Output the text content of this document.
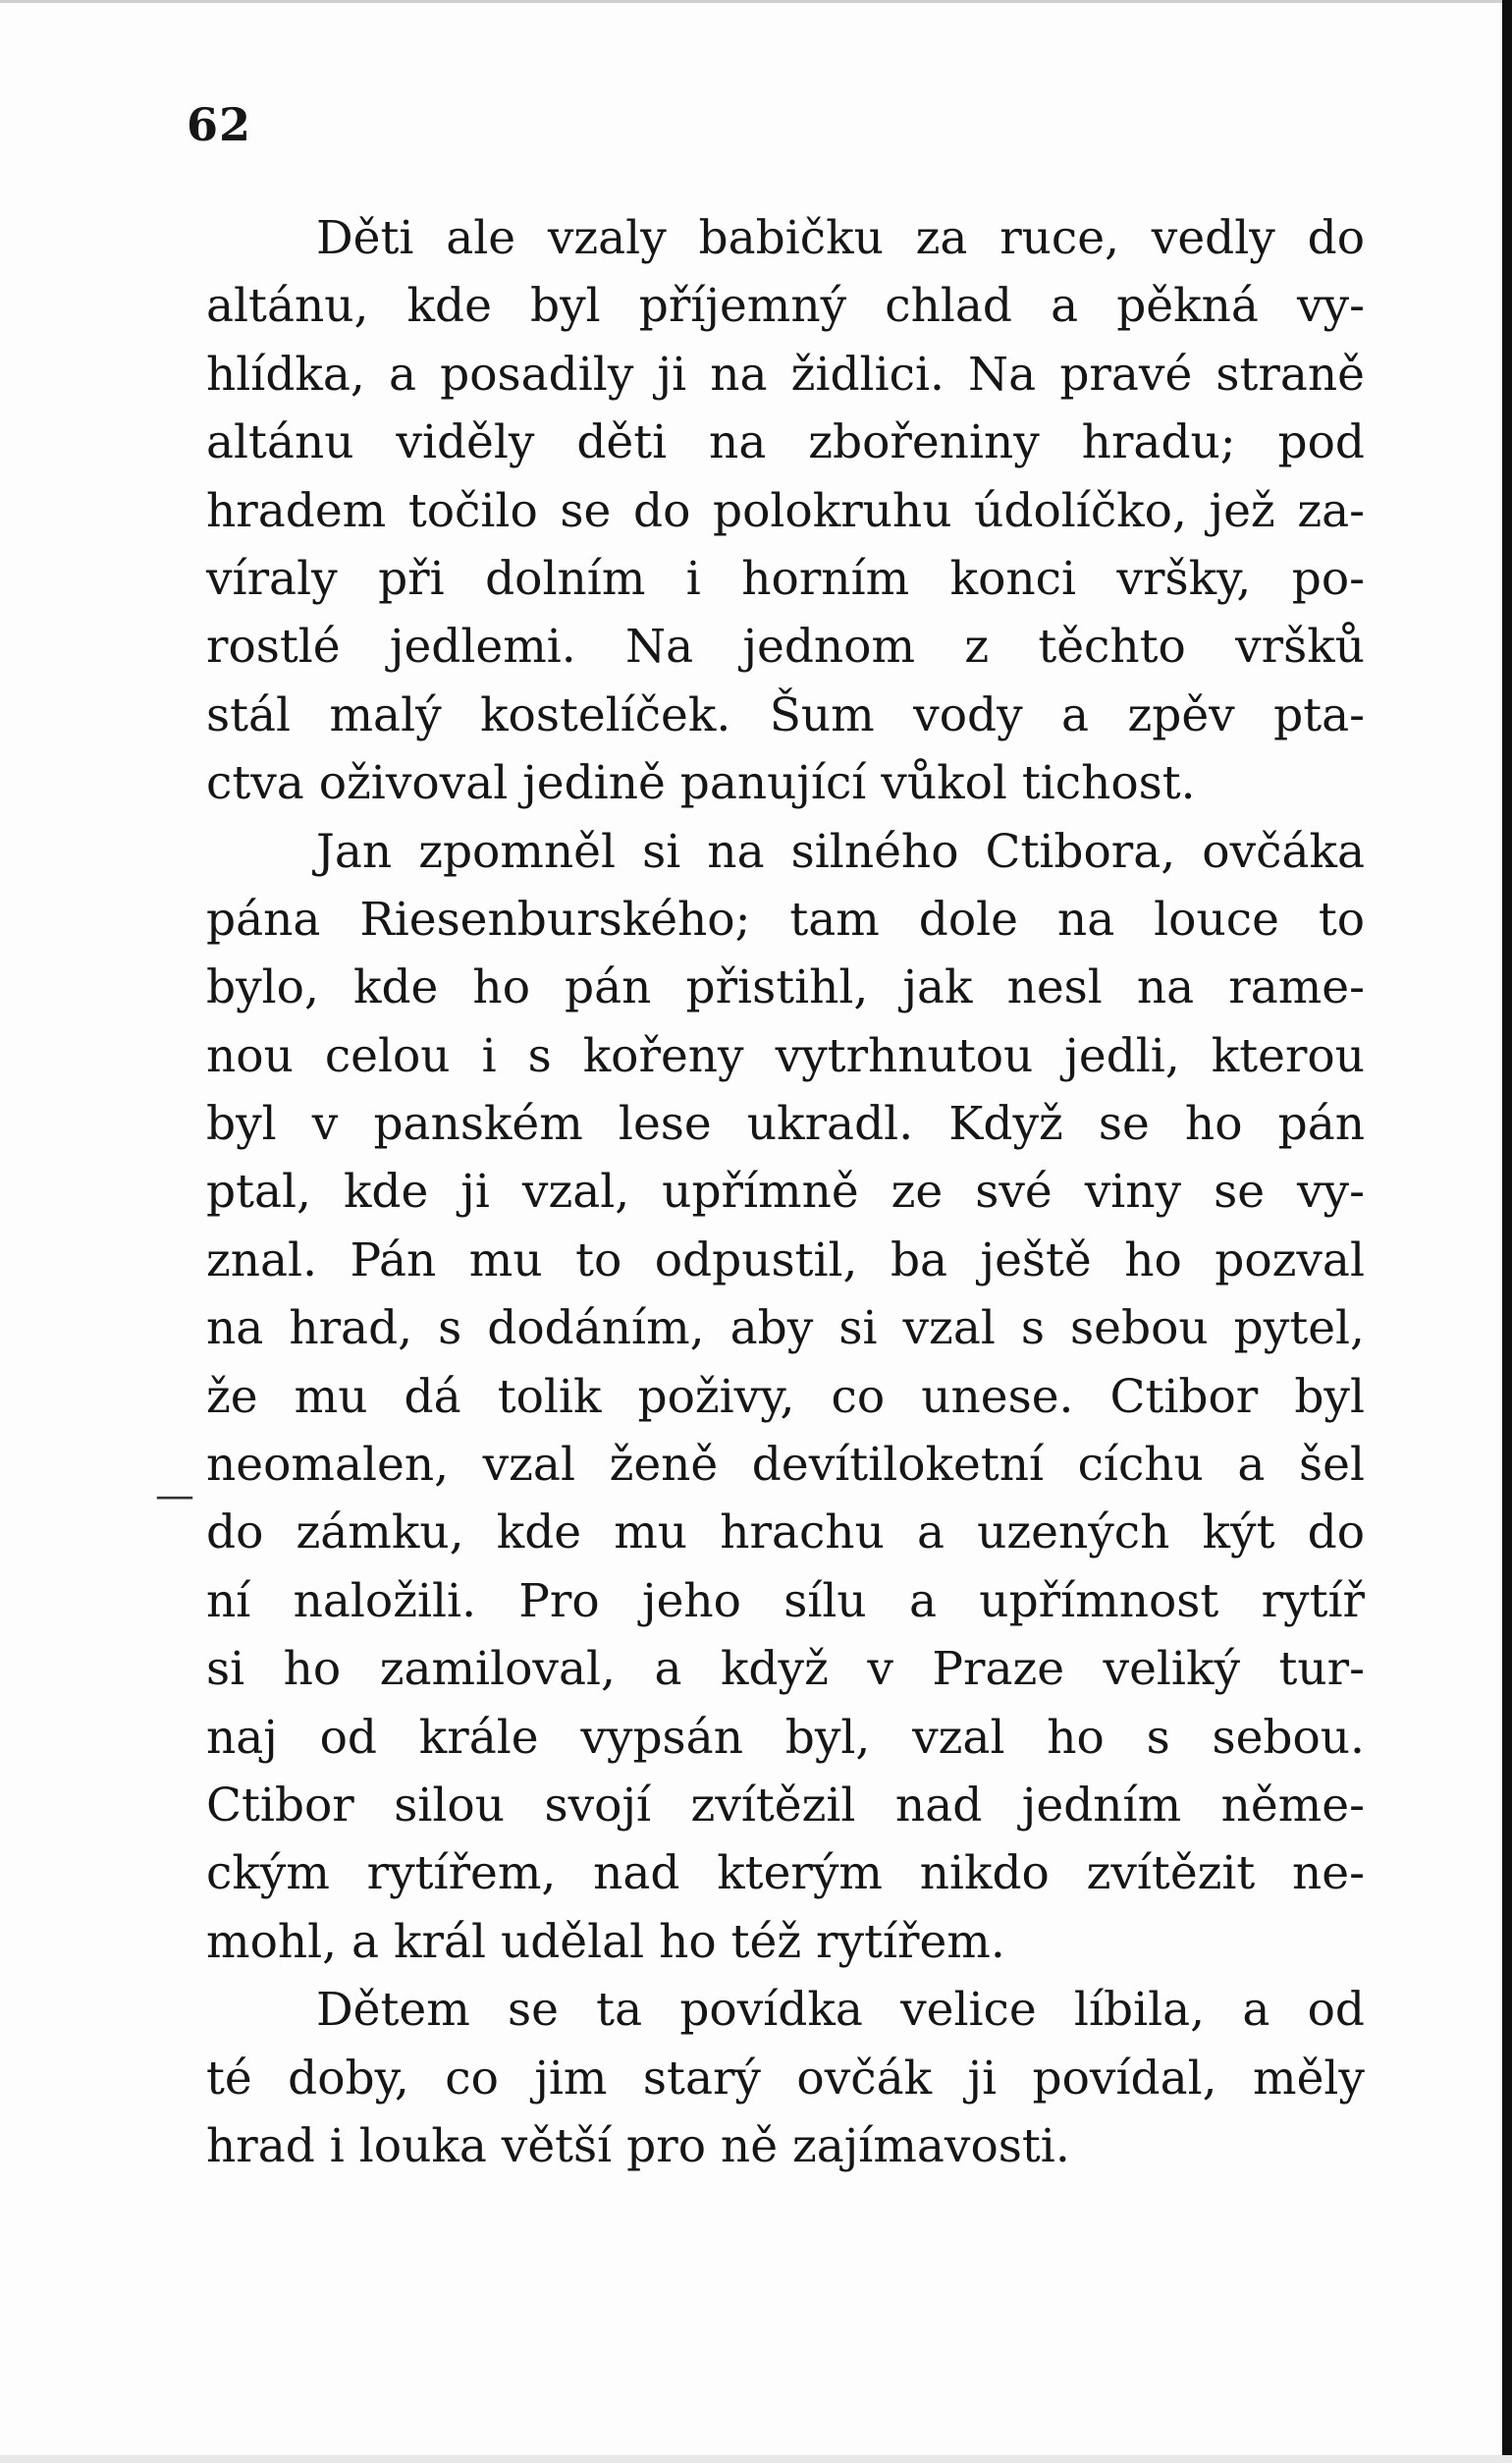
62
—
Děti ale vzaly babičku za ruce, vedly do
altánu, kde byl příjemný chlad a pěkná vy-
hlídka, a posadily ji na židlici. Na pravé straně
altánu viděly děti na zbořeniny hradu; pod
hradem točilo se do polokruhu údolíčko, jež za-
víraly při dolním i horním konci vršky, po-
rostlé jedlemi. Na jednom z těchto vršků
stál malý kostelíček. Šum vody a zpěv pta-
ctva oživoval jedině panující vůkol tichost.
Jan zpomněl si na silného Ctibora, ovčáka
pána Riesenburského; tam dole na louce to
bylo, kde ho pán přistihl, jak nesl na rame-
nou celou i s kořeny vytrhnutou jedli, kterou
byl v panském lese ukradl. Když se ho pán
ptal, kde ji vzal, upřímně ze své viny se vy-
znal. Pán mu to odpustil, ba ještě ho pozval
na hrad, s dodáním, aby si vzal s sebou pytel,
že mu dá tolik poživy, co unese. Ctibor byl
neomalen, vzal ženě devítiloketní cíchu a šel
do zámku, kde mu hrachu a uzených kýt do
ní naložili. Pro jeho sílu a upřímnost rytíř
si ho zamiloval, a když v Praze veliký tur-
naj od krále vypsán byl, vzal ho s sebou.
Ctibor silou svojí zvítězil nad jedním něme-
ckým rytířem, nad kterým nikdo zvítězit ne-
mohl, a král udělal ho též rytířem.
Dětem se ta povídka velice líbila, a od
té doby, co jim starý ovčák ji povídal, měly
hrad i louka větší pro ně zajímavosti.
